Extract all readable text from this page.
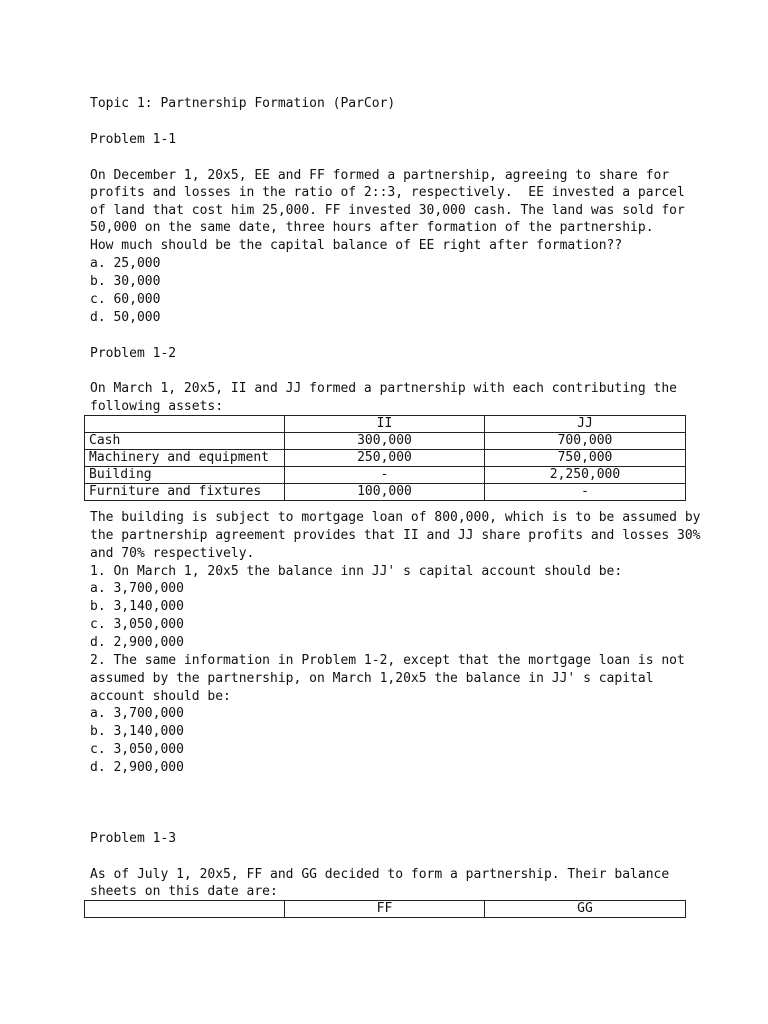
Topic 1: Partnership Formation (ParCor)
Problem 1-1
On December 1, 20x5, EE and FF formed a partnership, agreeing to share for
profits and losses in the ratio of 2::3, respectively.  EE invested a parcel
of land that cost him 25,000. FF invested 30,000 cash. The land was sold for
50,000 on the same date, three hours after formation of the partnership.
How much should be the capital balance of EE right after formation??
a. 25,000
b. 30,000
c. 60,000
d. 50,000
Problem 1-2
On March 1, 20x5, II and JJ formed a partnership with each contributing the
following assets:
	II	JJ
Cash	300,000	700,000
Machinery and equipment	250,000	750,000
Building	-	2,250,000
Furniture and fixtures	100,000	-
The building is subject to mortgage loan of 800,000, which is to be assumed by
the partnership agreement provides that II and JJ share profits and losses 30%
and 70% respectively.
1. On March 1, 20x5 the balance inn JJ' s capital account should be:
a. 3,700,000
b. 3,140,000
c. 3,050,000
d. 2,900,000
2. The same information in Problem 1-2, except that the mortgage loan is not
assumed by the partnership, on March 1,20x5 the balance in JJ' s capital
account should be:
a. 3,700,000
b. 3,140,000
c. 3,050,000
d. 2,900,000
Problem 1-3
As of July 1, 20x5, FF and GG decided to form a partnership. Their balance
sheets on this date are:
	FF	GG
